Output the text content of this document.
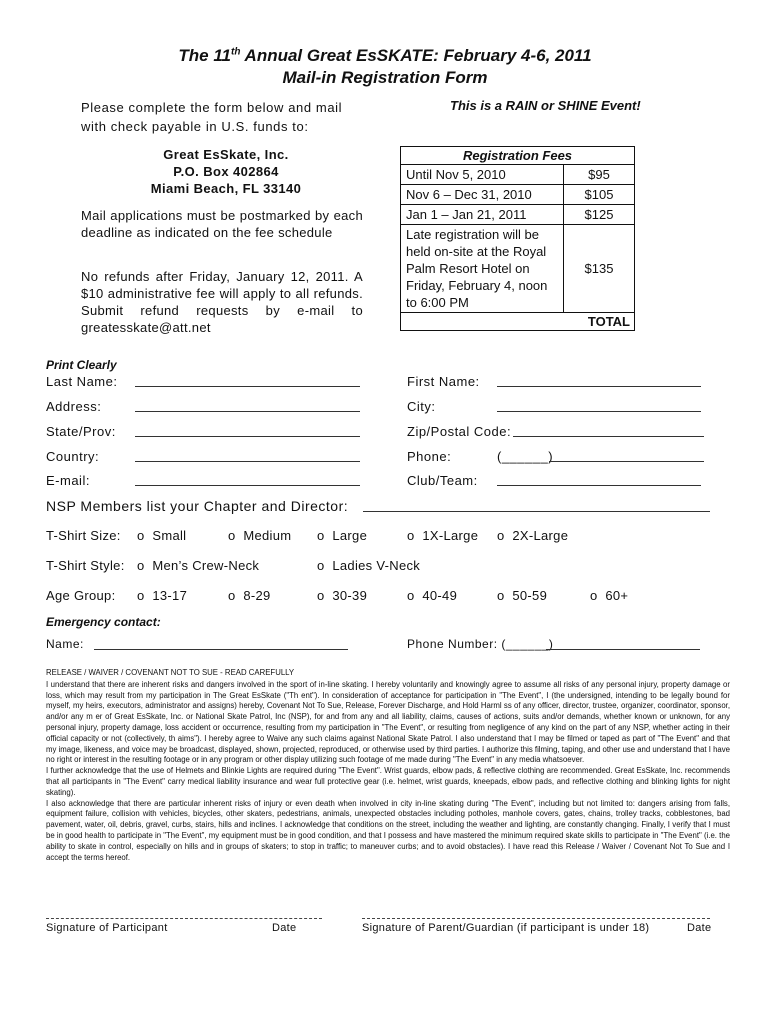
The 11th Annual Great EsSKATE: February 4-6, 2011
Mail-in Registration Form
Please complete the form below and mail with check payable in U.S. funds to:
This is a RAIN or SHINE Event!
Great EsSkate, Inc.
P.O. Box 402864
Miami Beach, FL 33140
Mail applications must be postmarked by each deadline as indicated on the fee schedule
No refunds after Friday, January 12, 2011. A $10 administrative fee will apply to all refunds. Submit refund requests by e-mail to greatesskate@att.net
Registration Fees	
Until Nov 5, 2010	$95
Nov 6 – Dec 31, 2010	$105
Jan 1 – Jan 21, 2011	$125
Late registration will be held on-site at the Royal Palm Resort Hotel on Friday, February 4, noon to 6:00 PM	$135
TOTAL	
Print Clearly
Last Name:	First Name:
Address:	City:
State/Prov:	Zip/Postal Code:
Country:	Phone:	(______)
E-mail:	Club/Team:
NSP Members list your Chapter and Director:
T-Shirt Size: o Small	o Medium o Large	o 1X-Large o 2X-Large
T-Shirt Style: o Men’s Crew-Neck	o Ladies V-Neck
Age Group: o 13-17	o 8-29	o 30-39	o 40-49	o 50-59	o 60+
Emergency contact:
Name:	Phone Number: (______)

RELEASE / WAIVER / COVENANT NOT TO SUE - READ CAREFULLY

I understand that there are inherent risks and dangers involved in the sport of in-line skating. I hereby voluntarily and knowingly agree to assume all risks of any personal injury, property damage or loss, which may result from my participation in The Great EsSkate ("Th ent"). In consideration of acceptance for participation in "The Event", I (the undersigned, intending to be legally bound for myself, my heirs, executors, administrator and assigns) hereby, Covenant Not To Sue, Release, Forever Discharge, and Hold Harml ss of any officer, director, trustee, organizer, coordinator, sponsor, and/or any m er of Great EsSkate, Inc. or National Skate Patrol, Inc (NSP), for and from any and all liability, claims, causes of actions, suits and/or demands, whether known or unknown, for any personal injury, property damage, loss accident or occurrence, resulting from my participation in "The Event", or resulting from negligence of any kind on the part of any NSP, whether acting in their official capacity or not (collectively, th aims"). I hereby agree to Waive any such claims against National Skate Patrol. I also understand that I may be filmed or taped as part of "The Event" and that my image, likeness, and voice may be broadcast, displayed, shown, projected, reproduced, or otherwise used by third parties. I authorize this filming, taping, and other use and understand that I have no right or interest in the resulting footage or in any program or other display utilizing such footage of me made during "The Event" in any media whatsoever.

I further acknowledge that the use of Helmets and Blinkie Lights are required during "The Event". Wrist guards, elbow pads, & reflective clothing are recommended. Great EsSkate, Inc. recommends that all participants in "The Event" carry medical liability insurance and wear full protective gear (i.e. helmet, wrist guards, kneepads, elbow pads, and reflective clothing and blinking lights for night skating).

I also acknowledge that there are particular inherent risks of injury or even death when involved in city in-line skating during "The Event", including but not limited to: dangers arising from falls, equipment failure, collision with vehicles, bicycles, other skaters, pedestrians, animals, unexpected obstacles including potholes, manhole covers, gates, chains, trolley tracks, cobblestones, bad pavement, water, oil, debris, gravel, curbs, stairs, hills and inclines. I acknowledge that conditions on the street, including the weather and lighting, are constantly changing. Finally, I verify that I must be in good health to participate in "The Event", my equipment must be in good condition, and that I possess and have mastered the minimum required skate skills to participate in "The Event" (i.e. the ability to skate in control, especially on hills and in groups of skaters; to stop in traffic; to maneuver curbs; and to avoid obstacles). I have read this Release / Waiver / Covenant Not To Sue and I accept the terms hereof.

Signature of Participant	Date	Signature of Parent/Guardian (if participant is under 18)	Date
